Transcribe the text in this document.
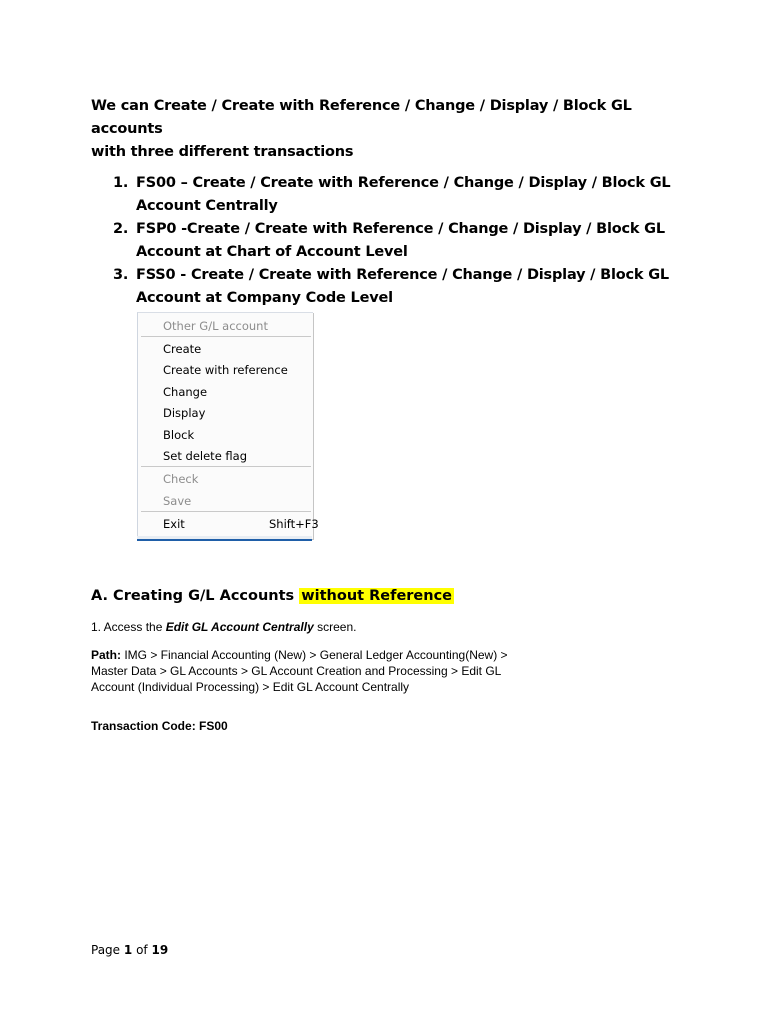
We can Create / Create with Reference / Change / Display / Block GL accounts

with three different transactions

1. FS00 – Create / Create with Reference / Change / Display / Block GL Account Centrally
2. FSP0 -Create / Create with Reference / Change / Display / Block GL Account at Chart of Account Level
3. FSS0 - Create / Create with Reference / Change / Display / Block GL Account at Company Code Level
Other G/L account
Create
Create with reference
Change
Display
Block
Set delete flag
Check
Save
Exit	Shift+F3
A. Creating G/L Accounts without Reference
1. Access the Edit GL Account Centrally screen.
Path: IMG > Financial Accounting (New) > General Ledger Accounting(New) > Master Data > GL Accounts > GL Account Creation and Processing > Edit GL Account (Individual Processing) > Edit GL Account Centrally
Transaction Code: FS00
Page 1 of 19
